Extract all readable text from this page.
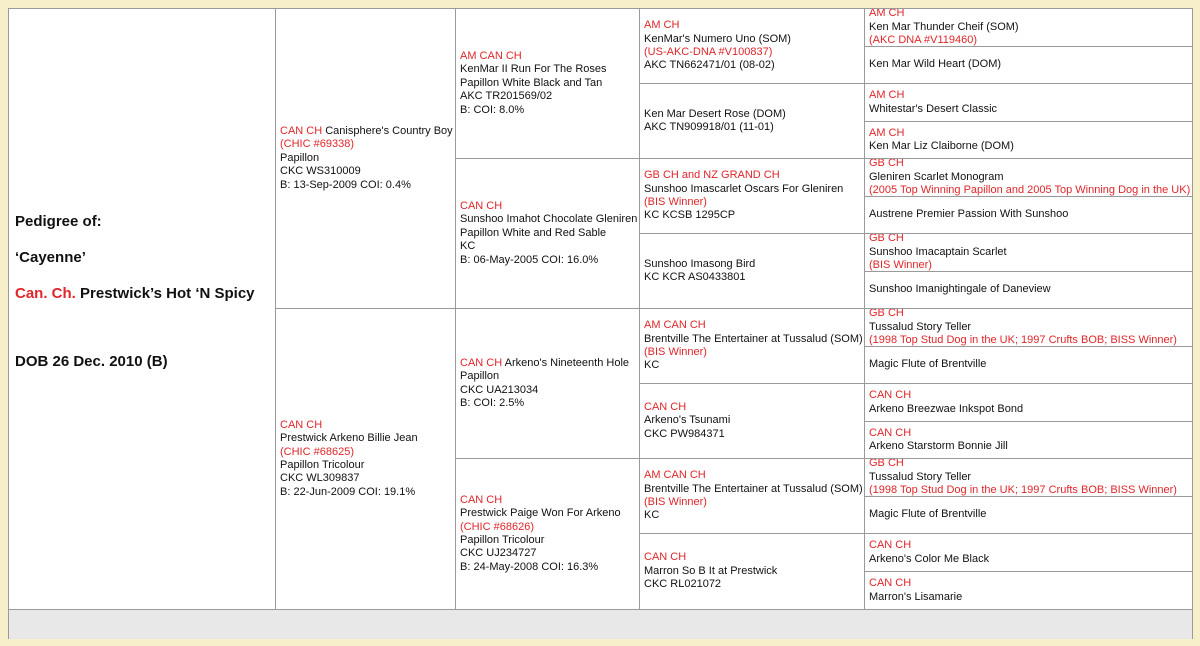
Pedigree of:
‘Cayenne’
Can. Ch. Prestwick’s Hot ‘N Spicy
DOB 26 Dec. 2010 (B)
CAN CH Canisphere's Country Boy
(CHIC #69338)
Papillon
CKC WS310009
B: 13-Sep-2009 COI: 0.4%
CAN CH
Prestwick Arkeno Billie Jean
(CHIC #68625)
Papillon Tricolour
CKC WL309837
B: 22-Jun-2009 COI: 19.1%
AM CAN CH
KenMar II Run For The Roses
Papillon White Black and Tan
AKC TR201569/02
B: COI: 8.0%
CAN CH
Sunshoo Imahot Chocolate Gleniren
Papillon White and Red Sable
KC
B: 06-May-2005 COI: 16.0%
CAN CH Arkeno's Nineteenth Hole
Papillon
CKC UA213034
B: COI: 2.5%
CAN CH
Prestwick Paige Won For Arkeno
(CHIC #68626)
Papillon Tricolour
CKC UJ234727
B: 24-May-2008 COI: 16.3%
AM CH
KenMar's Numero Uno (SOM)
(US-AKC-DNA #V100837)
AKC TN662471/01 (08-02)
Ken Mar Desert Rose (DOM)
AKC TN909918/01 (11-01)
GB CH and NZ GRAND CH
Sunshoo Imascarlet Oscars For Gleniren
(BIS Winner)
KC KCSB 1295CP
Sunshoo Imasong Bird
KC KCR AS0433801
AM CAN CH
Brentville The Entertainer at Tussalud (SOM)
(BIS Winner)
KC
CAN CH
Arkeno's Tsunami
CKC PW984371
AM CAN CH
Brentville The Entertainer at Tussalud (SOM)
(BIS Winner)
KC
CAN CH
Marron So B It at Prestwick
CKC RL021072
AM CH
Ken Mar Thunder Cheif (SOM)
(AKC DNA #V119460)
Ken Mar Wild Heart (DOM)
AM CH
Whitestar's Desert Classic
AM CH
Ken Mar Liz Claiborne (DOM)
GB CH
Gleniren Scarlet Monogram
(2005 Top Winning Papillon and 2005 Top Winning Dog in the UK)
Austrene Premier Passion With Sunshoo
GB CH
Sunshoo Imacaptain Scarlet
(BIS Winner)
Sunshoo Imanightingale of Daneview
GB CH
Tussalud Story Teller
(1998 Top Stud Dog in the UK; 1997 Crufts BOB; BISS Winner)
Magic Flute of Brentville
CAN CH
Arkeno Breezwae Inkspot Bond
CAN CH
Arkeno Starstorm Bonnie Jill
GB CH
Tussalud Story Teller
(1998 Top Stud Dog in the UK; 1997 Crufts BOB; BISS Winner)
Magic Flute of Brentville
CAN CH
Arkeno's Color Me Black
CAN CH
Marron's Lisamarie
